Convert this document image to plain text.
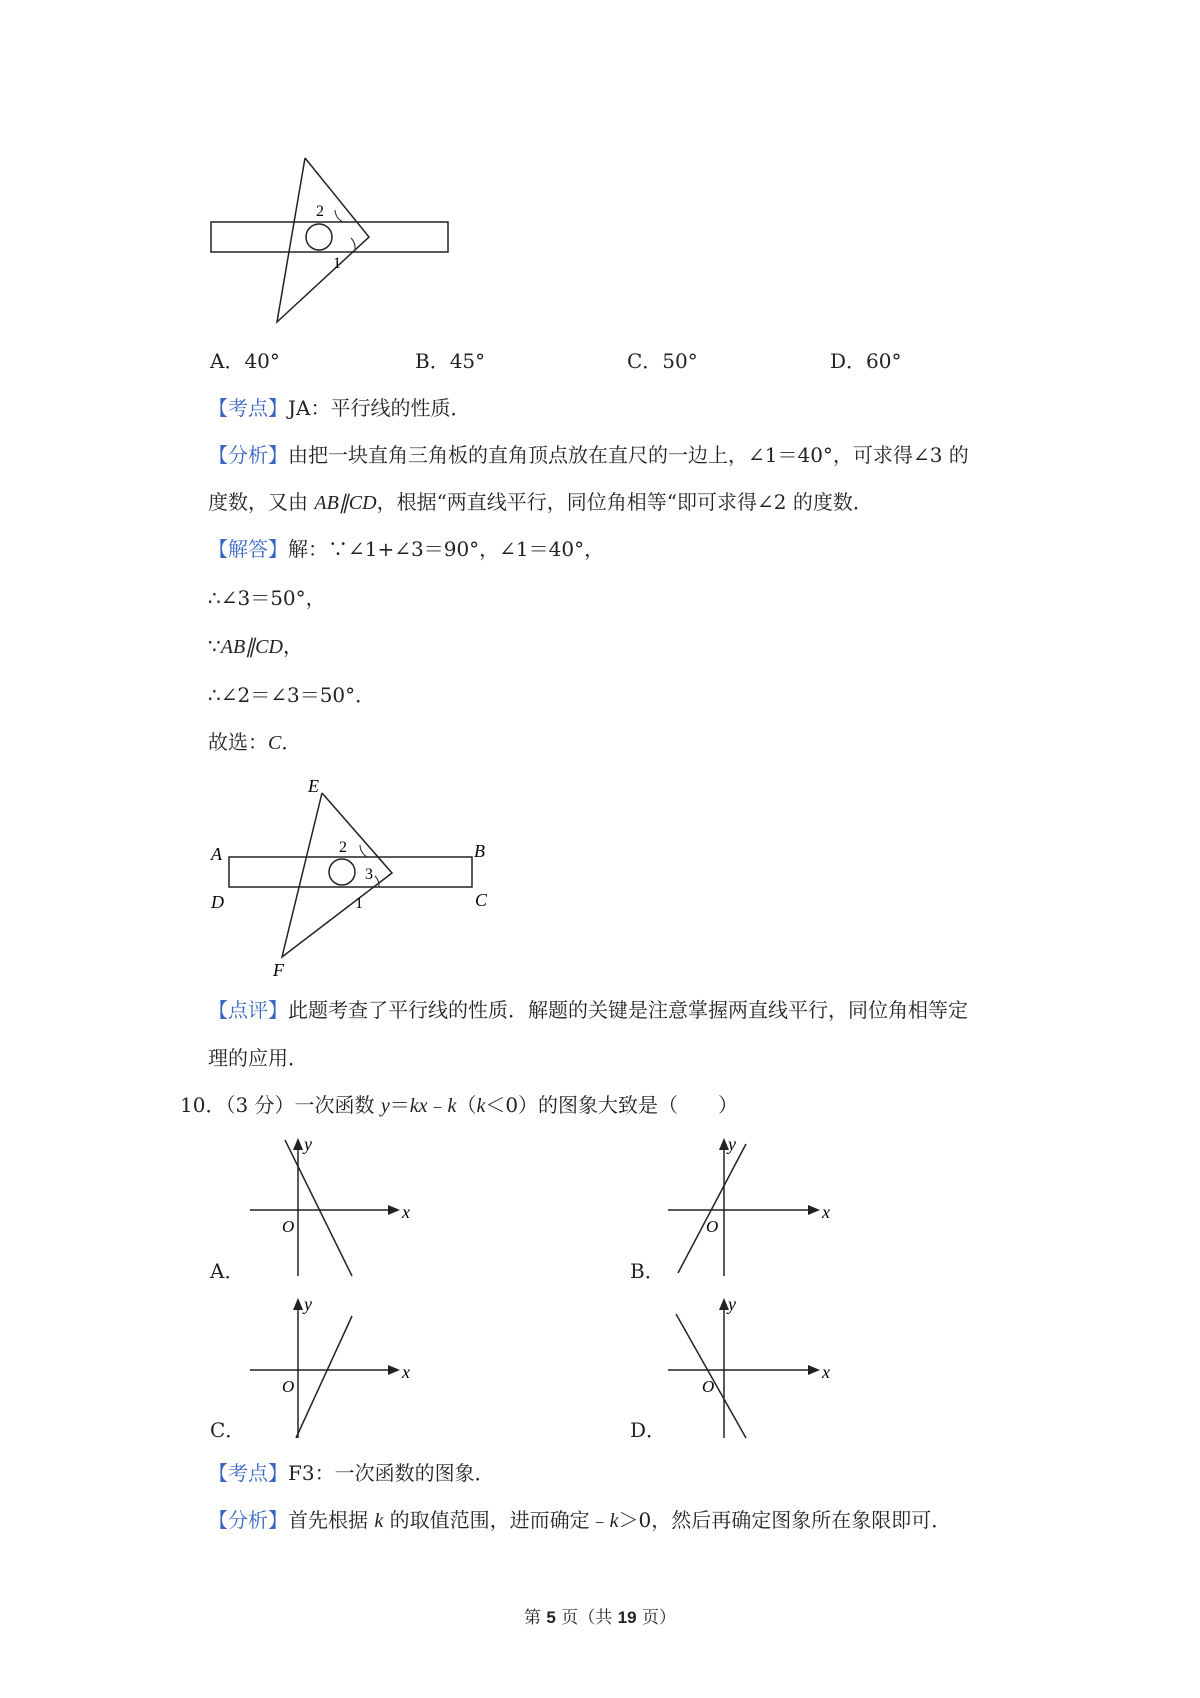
2
1
A．40°	B．45°	C．50°	D．60°
【考点】JA：平行线的性质．
【分析】由把一块直角三角板的直角顶点放在直尺的一边上，∠1＝40°，可求得∠3 的
度数，又由 AB∥CD，根据“两直线平行，同位角相等“即可求得∠2 的度数．
【解答】解：∵∠1+∠3＝90°，∠1＝40°，
∴∠3＝50°，
∵AB∥CD，
∴∠2＝∠3＝50°．
故选：C．
E
A	B
D	C
F
2
3
1
【点评】此题考查了平行线的性质．解题的关键是注意掌握两直线平行，同位角相等定
理的应用．
10．（3 分）一次函数 y＝kx﹣k（k＜0）的图象大致是（　　）
x
y
O
A．
x
y
O
B．
x
y
O
C．
x
y
O
D．
【考点】F3：一次函数的图象．
【分析】首先根据 k 的取值范围，进而确定﹣k＞0，然后再确定图象所在象限即可．
第 5 页（共 19 页）
